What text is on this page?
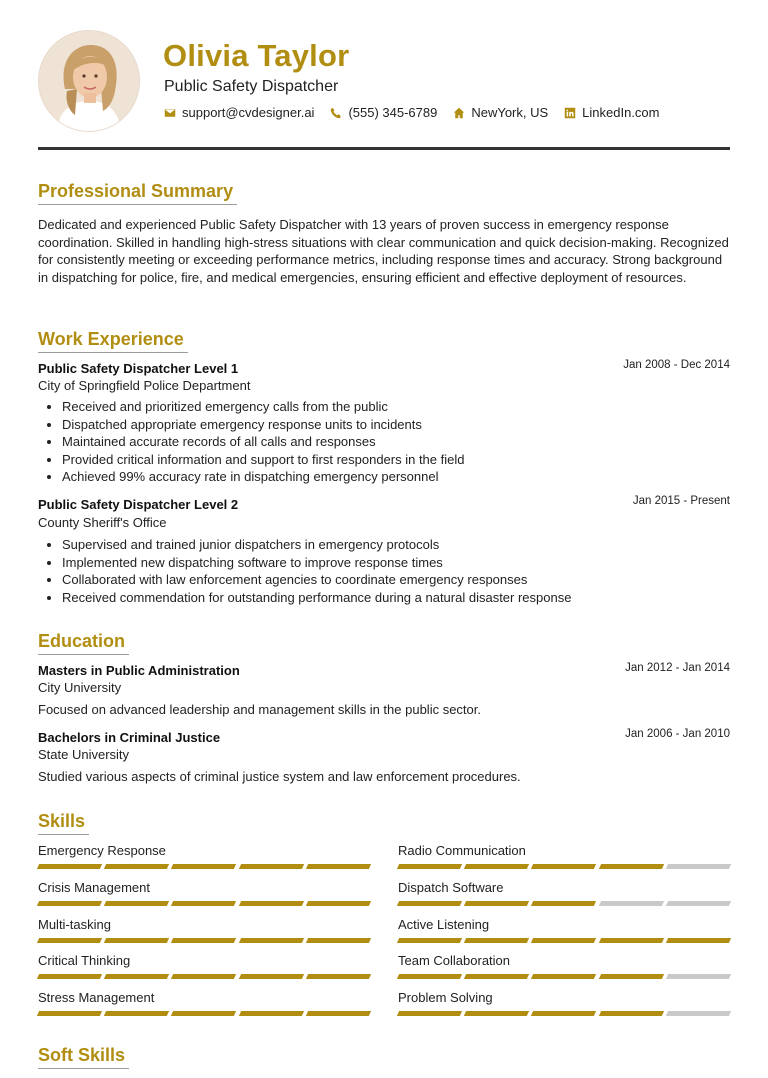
Olivia Taylor
Public Safety Dispatcher
support@cvdesigner.ai	(555) 345-6789	NewYork, US	LinkedIn.com
Professional Summary
Dedicated and experienced Public Safety Dispatcher with 13 years of proven success in emergency response coordination. Skilled in handling high-stress situations with clear communication and quick decision-making. Recognized for consistently meeting or exceeding performance metrics, including response times and accuracy. Strong background in dispatching for police, fire, and medical emergencies, ensuring efficient and effective deployment of resources.
Work Experience
Public Safety Dispatcher Level 1	Jan 2008 - Dec 2014
City of Springfield Police Department
• Received and prioritized emergency calls from the public
• Dispatched appropriate emergency response units to incidents
• Maintained accurate records of all calls and responses
• Provided critical information and support to first responders in the field
• Achieved 99% accuracy rate in dispatching emergency personnel
Public Safety Dispatcher Level 2	Jan 2015 - Present
County Sheriff's Office
• Supervised and trained junior dispatchers in emergency protocols
• Implemented new dispatching software to improve response times
• Collaborated with law enforcement agencies to coordinate emergency responses
• Received commendation for outstanding performance during a natural disaster response
Education
Masters in Public Administration	Jan 2012 - Jan 2014
City University
Focused on advanced leadership and management skills in the public sector.
Bachelors in Criminal Justice	Jan 2006 - Jan 2010
State University
Studied various aspects of criminal justice system and law enforcement procedures.
Skills
Emergency Response	Radio Communication
Crisis Management	Dispatch Software
Multi-tasking	Active Listening
Critical Thinking	Team Collaboration
Stress Management	Problem Solving
Soft Skills
